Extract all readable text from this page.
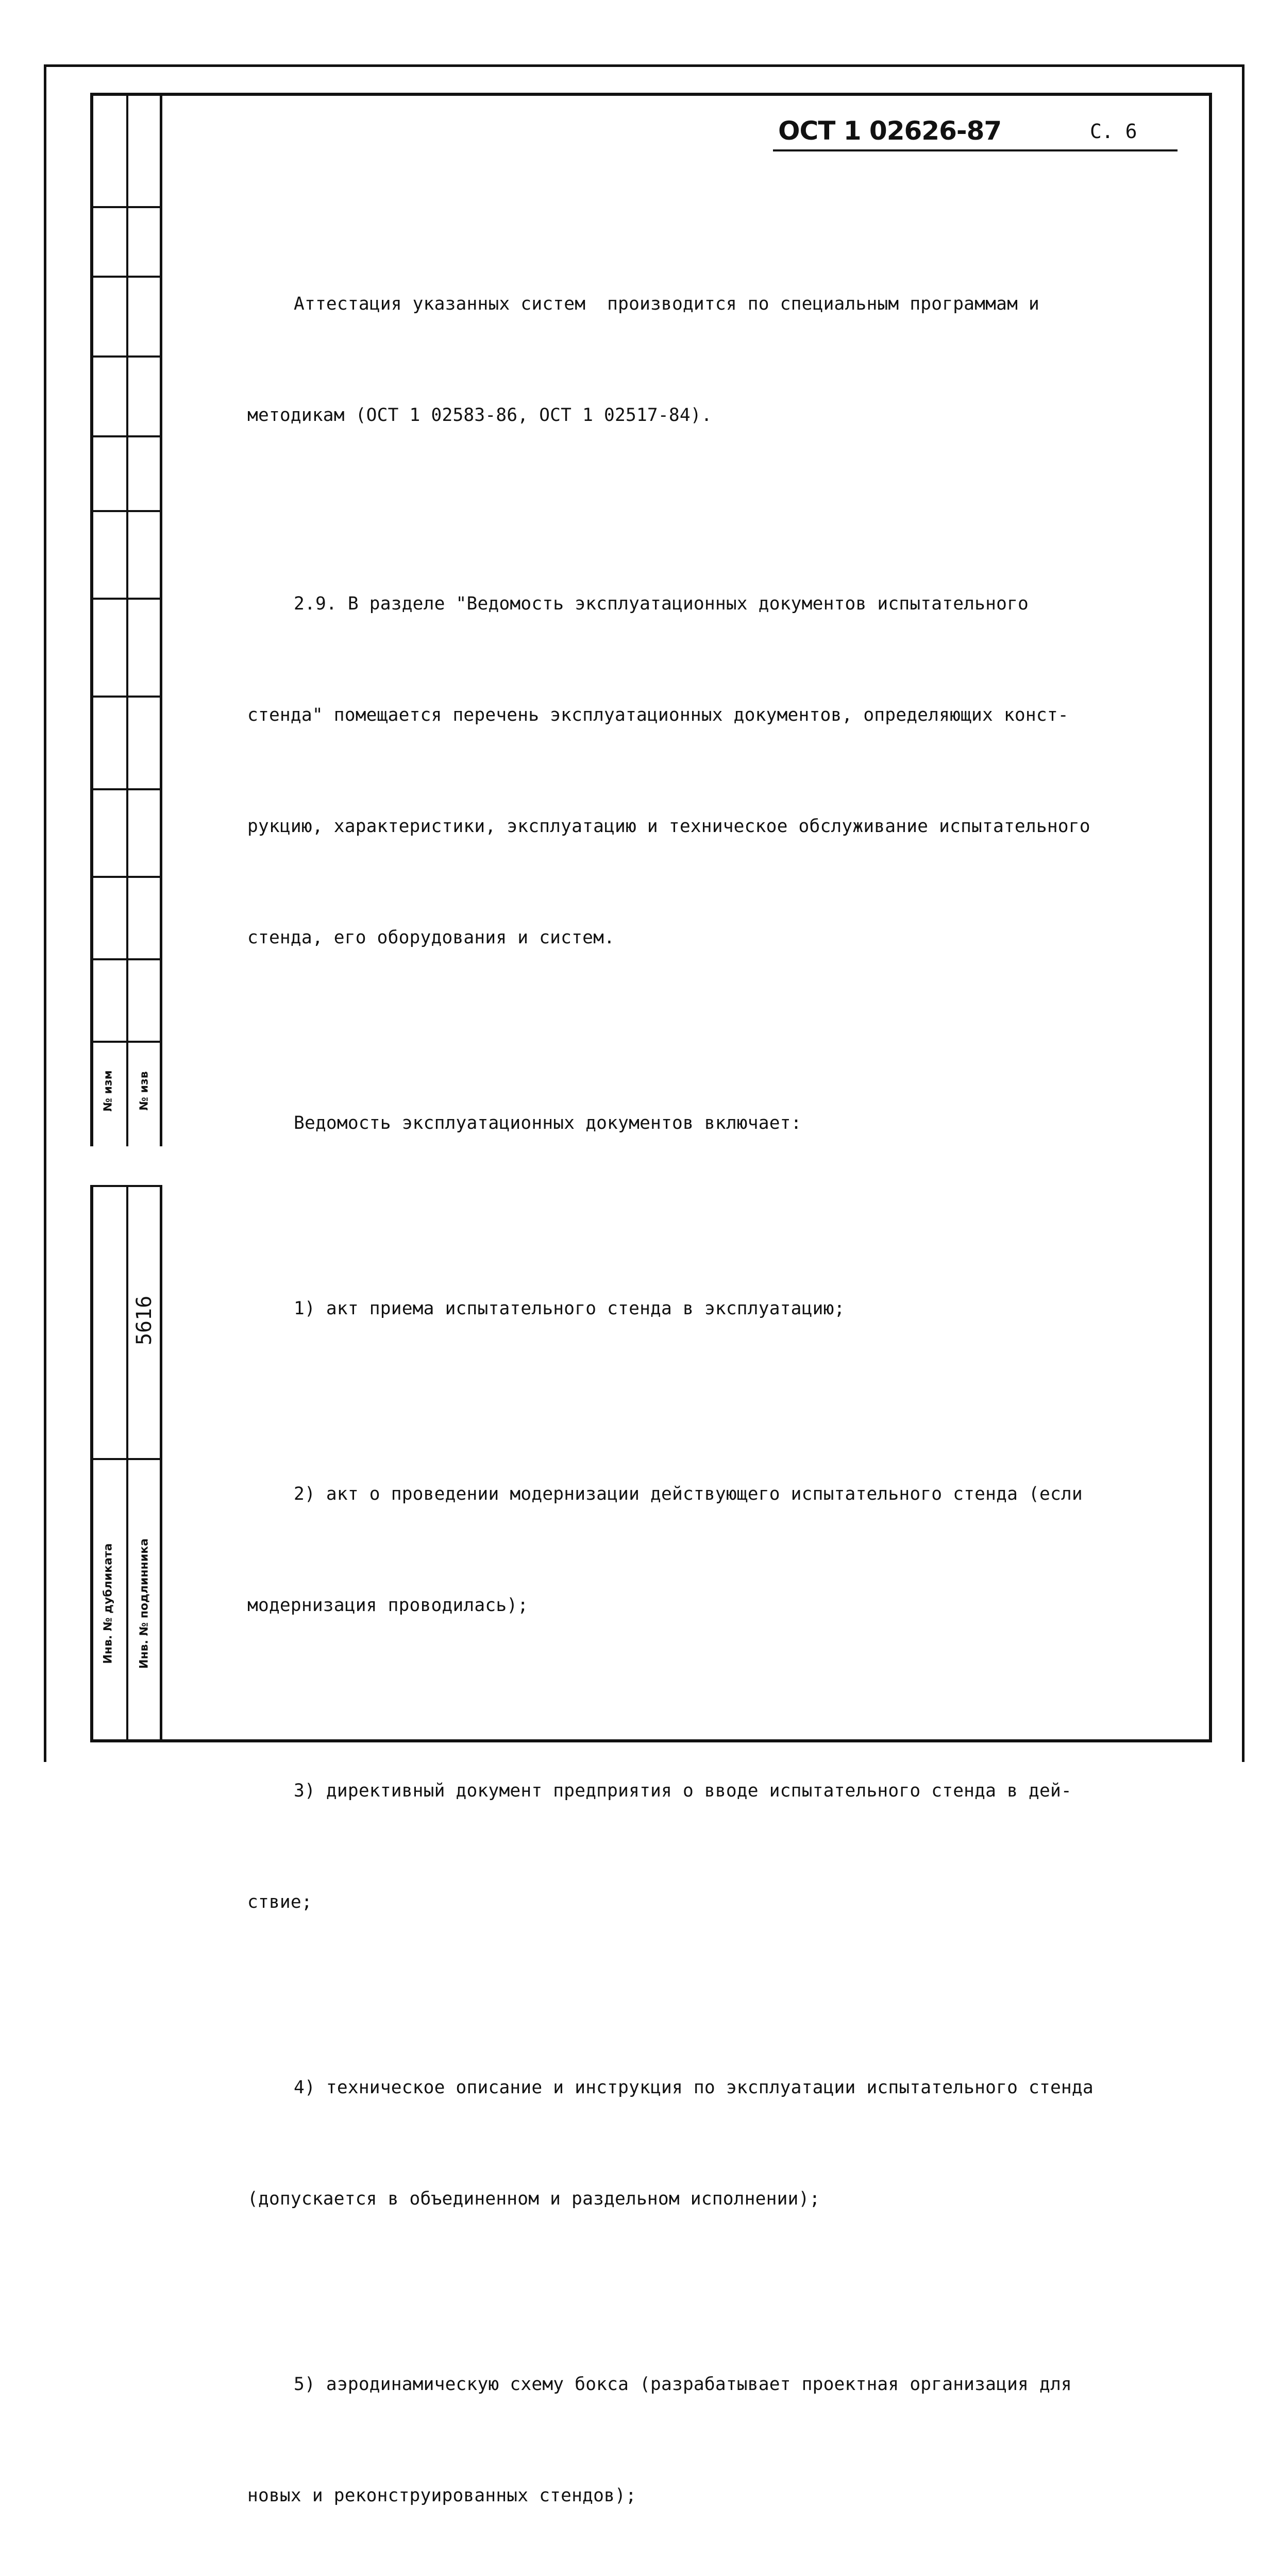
№ изм № изв
5616
Инв. № дубликата Инв. № подлинника
ОСТ 1 02626-87	С. 6

Аттестация указанных систем  производится по специальным программам и

методикам (ОСТ 1 02583-86, ОСТ 1 02517-84).

2.9. В разделе "Ведомость эксплуатационных документов испытательного

стенда" помещается перечень эксплуатационных документов, определяющих конст-

рукцию, характеристики, эксплуатацию и техническое обслуживание испытательного

стенда, его оборудования и систем.

Ведомость эксплуатационных документов включает:

1) акт приема испытательного стенда в эксплуатацию;

2) акт о проведении модернизации действующего испытательного стенда (если

модернизация проводилась);

3) директивный документ предприятия о вводе испытательного стенда в дей-

ствие;

4) техническое описание и инструкция по эксплуатации испытательного стенда

(допускается в объединенном и раздельном исполнении);

5) аэродинамическую схему бокса (разрабатывает проектная организация для

новых и реконструированных стендов);
